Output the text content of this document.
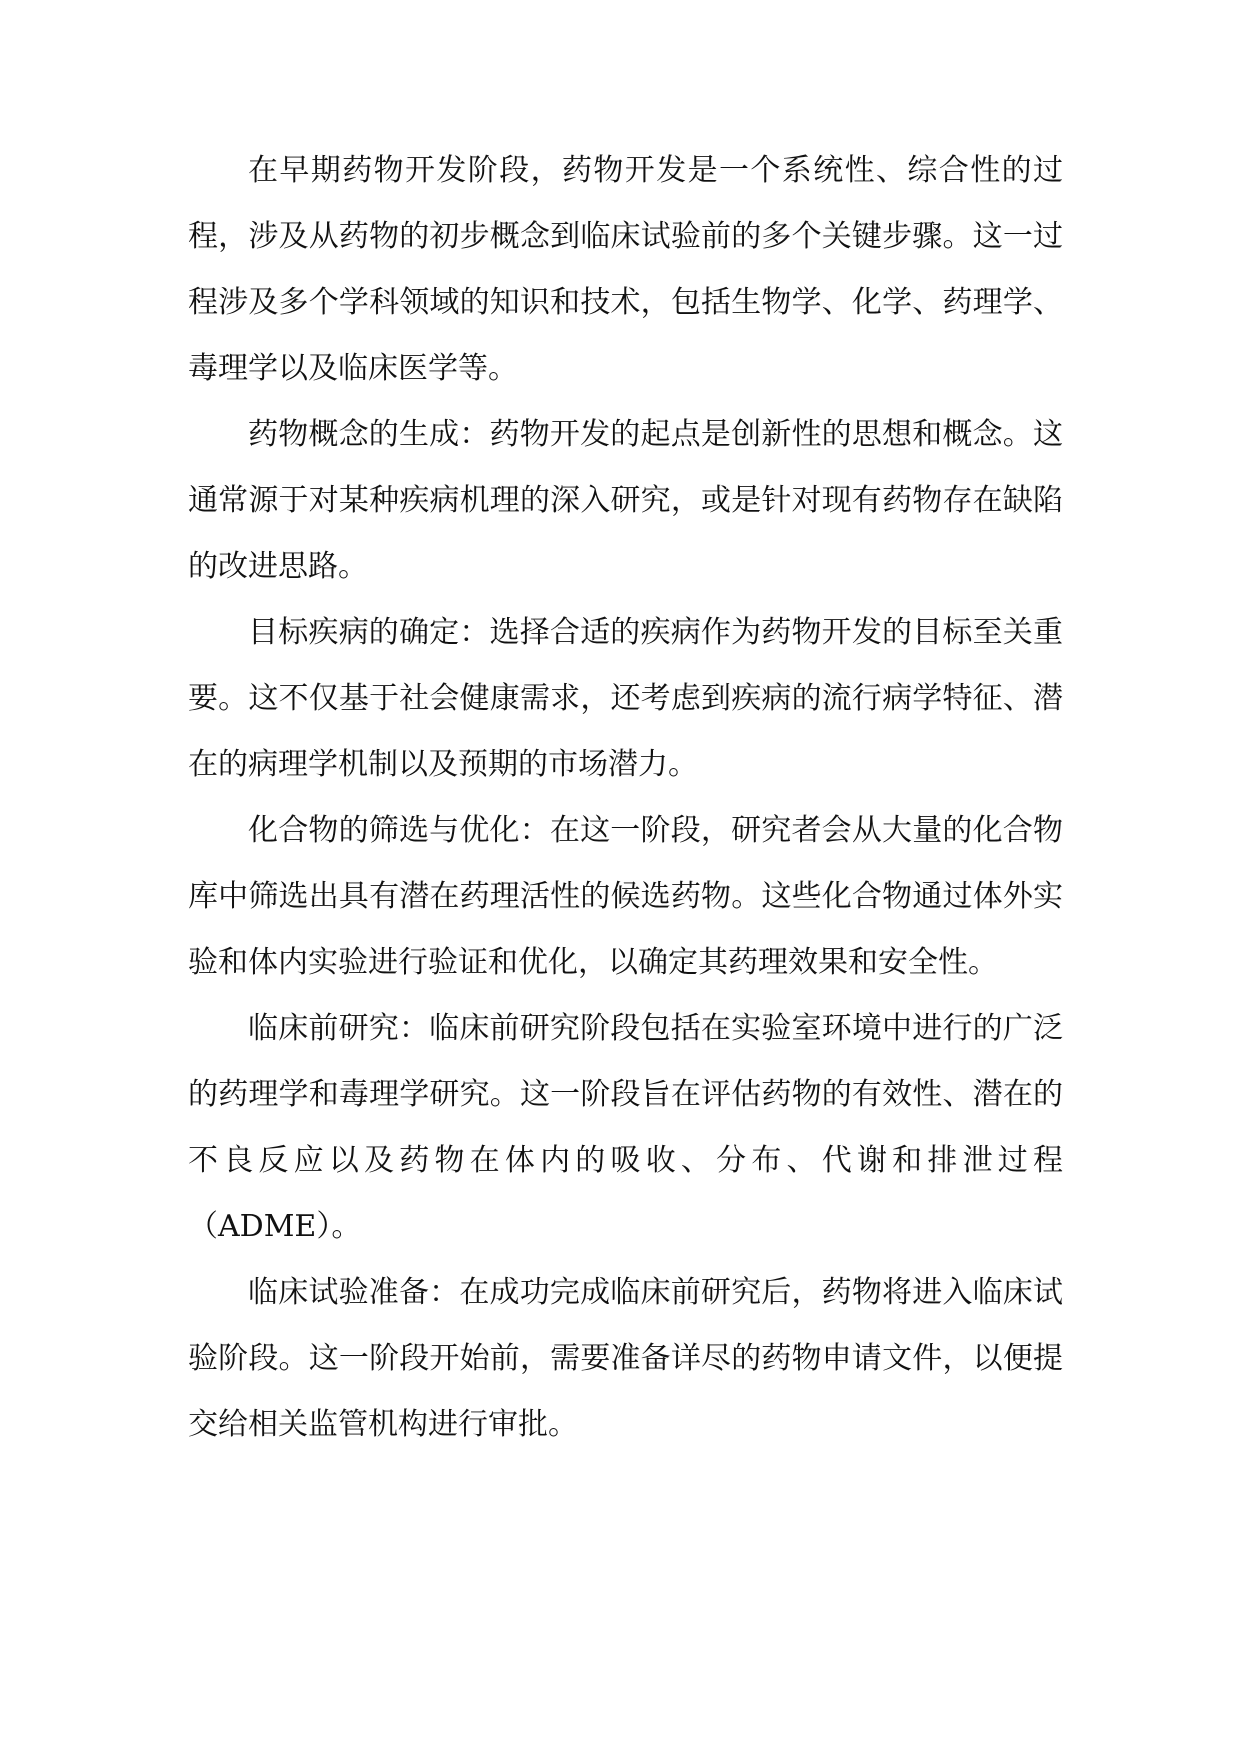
在早期药物开发阶段，药物开发是一个系统性、综合性的过程，涉及从药物的初步概念到临床试验前的多个关键步骤。这一过程涉及多个学科领域的知识和技术，包括生物学、化学、药理学、毒理学以及临床医学等。

药物概念的生成：药物开发的起点是创新性的思想和概念。这通常源于对某种疾病机理的深入研究，或是针对现有药物存在缺陷的改进思路。

目标疾病的确定：选择合适的疾病作为药物开发的目标至关重要。这不仅基于社会健康需求，还考虑到疾病的流行病学特征、潜在的病理学机制以及预期的市场潜力。

化合物的筛选与优化：在这一阶段，研究者会从大量的化合物库中筛选出具有潜在药理活性的候选药物。这些化合物通过体外实验和体内实验进行验证和优化，以确定其药理效果和安全性。

临床前研究：临床前研究阶段包括在实验室环境中进行的广泛的药理学和毒理学研究。这一阶段旨在评估药物的有效性、潜在的不良反应以及药物在体内的吸收、分布、代谢和排泄过程（ADME）。

临床试验准备：在成功完成临床前研究后，药物将进入临床试验阶段。这一阶段开始前，需要准备详尽的药物申请文件，以便提交给相关监管机构进行审批。
